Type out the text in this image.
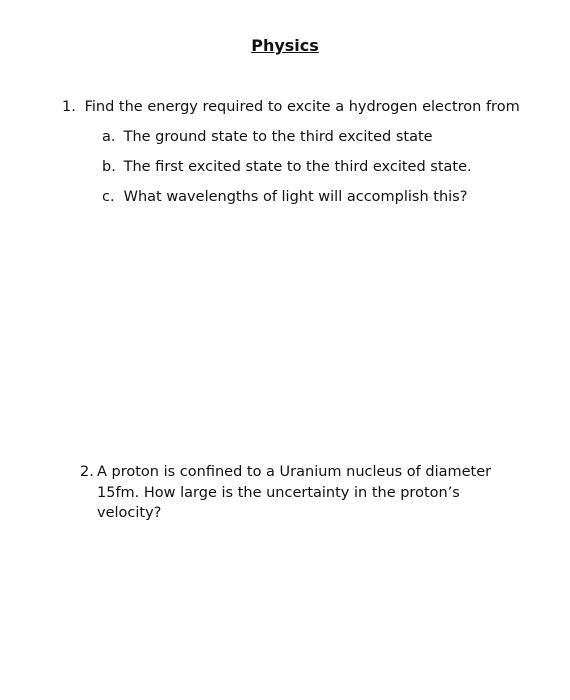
Physics
1. Find the energy required to excite a hydrogen electron from
a. The ground state to the third excited state
b. The first excited state to the third excited state.
c. What wavelengths of light will accomplish this?
2. A proton is confined to a Uranium nucleus of diameter 15fm. How large is the uncertainty in the proton’s velocity?
